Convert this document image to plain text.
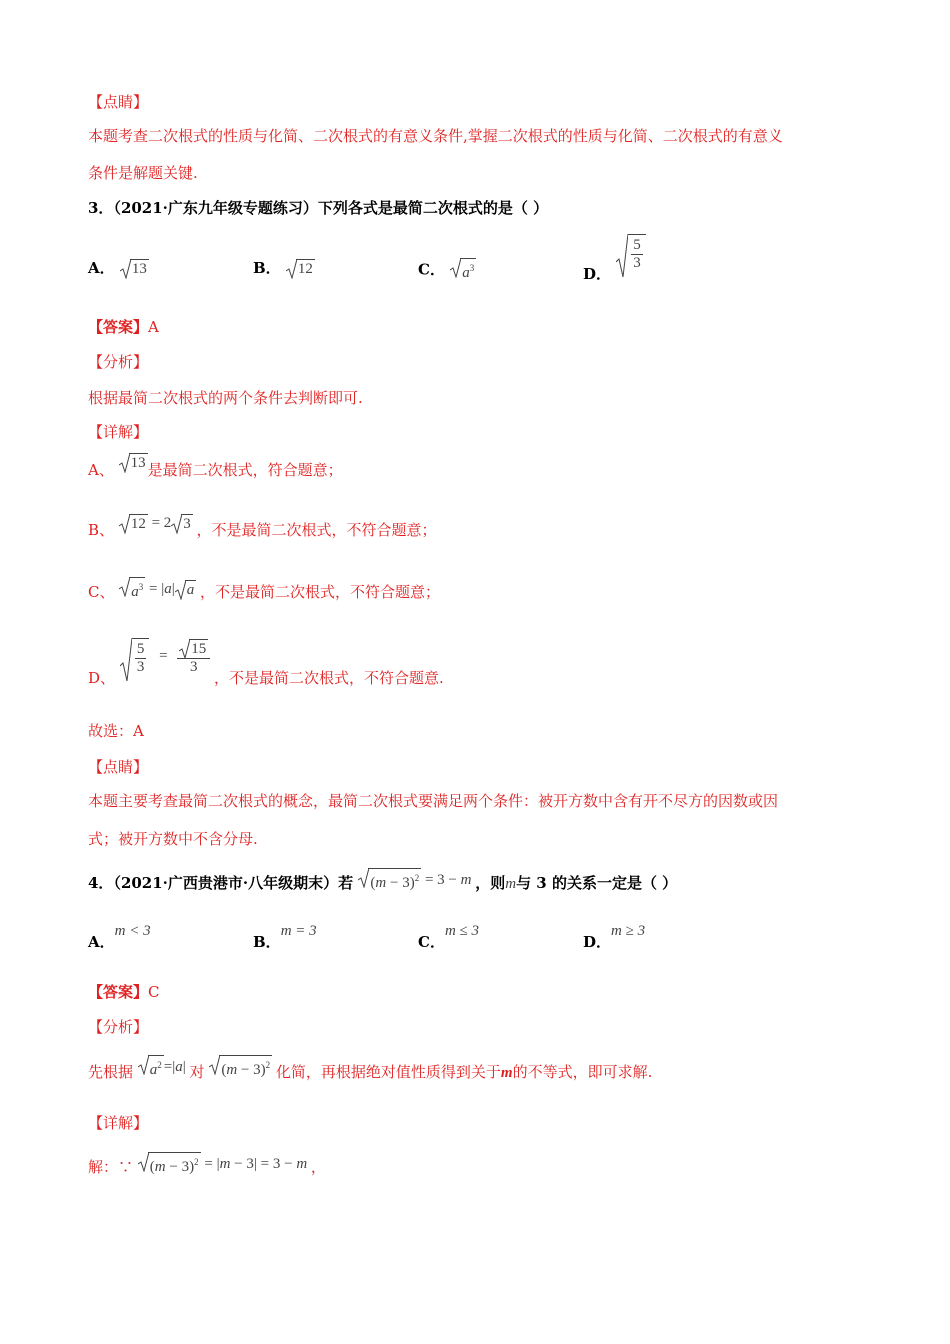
【点睛】
本题考查二次根式的性质与化简、二次根式的有意义条件,掌握二次根式的性质与化简、二次根式的有意义
条件是解题关键.
3．（2021·广东九年级专题练习）下列各式是最简二次根式的是（ ）
A． 13	B． 12	C． $a^3$	D．
$\frac{5}{3}$
【答案】A
【分析】
根据最简二次根式的两个条件去判断即可.
【详解】
A、 13 是最简二次根式，符合题意；
B、 12 = 2 3 ，不是最简二次根式，不符合题意；
C、 $a^3 = |a|$ a ，不是最简二次根式，不符合题意；
D、
$\frac{5}{3} = \frac{15}{3}$
，不是最简二次根式，不符合题意.
故选：A
【点睛】
本题主要考查最简二次根式的概念，最简二次根式要满足两个条件：被开方数中含有开不尽方的因数或因
式；被开方数中不含分母.
4．（2021·广西贵港市·八年级期末）若 $(m - 3)^2 = 3 - m$ ，则m与 3 的关系一定是（ ）
A．m < 3
B．m = 3
C．m ≤ 3
D．m ≥ 3
【答案】C
【分析】
先根据 $a^2 =|a|$ 对 $(m - 3)^2$ 化简，再根据绝对值性质得到关于m的不等式，即可求解.
【详解】
解：∵ $(m - 3)^2 = |m - 3| = 3 - m$ ，
